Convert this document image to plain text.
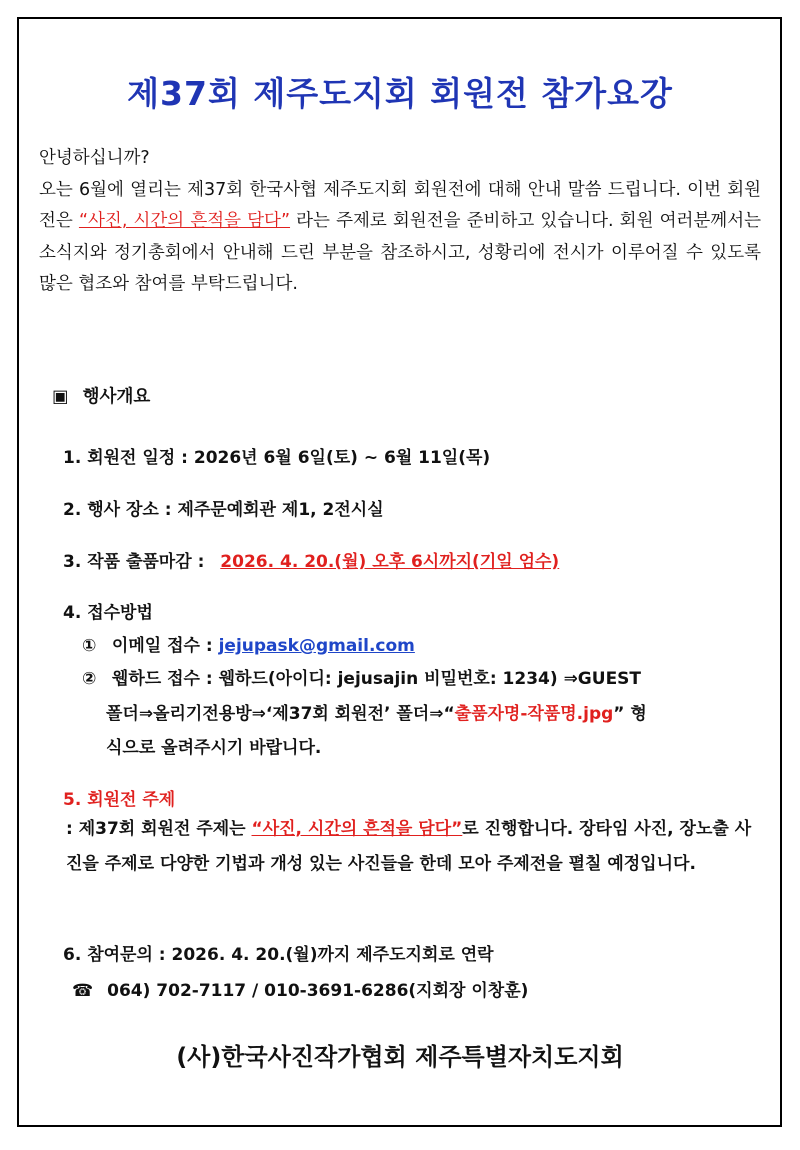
제37회 제주도지회 회원전 참가요강

안녕하십니까?

오는 6월에 열리는 제37회 한국사협 제주도지회 회원전에 대해 안내 말씀 드립니다. 이번 회원전은 “사진, 시간의 흔적을 담다” 라는 주제로 회원전을 준비하고 있습니다. 회원 여러분께서는 소식지와 정기총회에서 안내해 드린 부분을 참조하시고, 성황리에 전시가 이루어질 수 있도록 많은 협조와 참여를 부탁드립니다.

▣ 행사개요
1. 회원전 일정 : 2026년 6월 6일(토) ~ 6월 11일(목)
2. 행사 장소 : 제주문예회관 제1, 2전시실
3. 작품 출품마감 : 2026. 4. 20.(월) 오후 6시까지(기일 엄수)
4. 접수방법
① 이메일 접수 : jejupask@gmail.com
② 웹하드 접수 : 웹하드(아이디: jejusajin 비밀번호: 1234) ⇒GUEST
폴더⇒올리기전용방⇒‘제37회 회원전’ 폴더⇒“출품자명-작품명.jpg” 형
식으로 올려주시기 바랍니다.
5. 회원전 주제
: 제37회 회원전 주제는 “사진, 시간의 흔적을 담다”로 진행합니다. 장타임 사진, 장노출 사진을 주제로 다양한 기법과 개성 있는 사진들을 한데 모아 주제전을 펼칠 예정입니다.
6. 참여문의 : 2026. 4. 20.(월)까지 제주도지회로 연락
☎ 064) 702-7117 / 010-3691-6286(지회장 이창훈)
(사)한국사진작가협회 제주특별자치도지회
